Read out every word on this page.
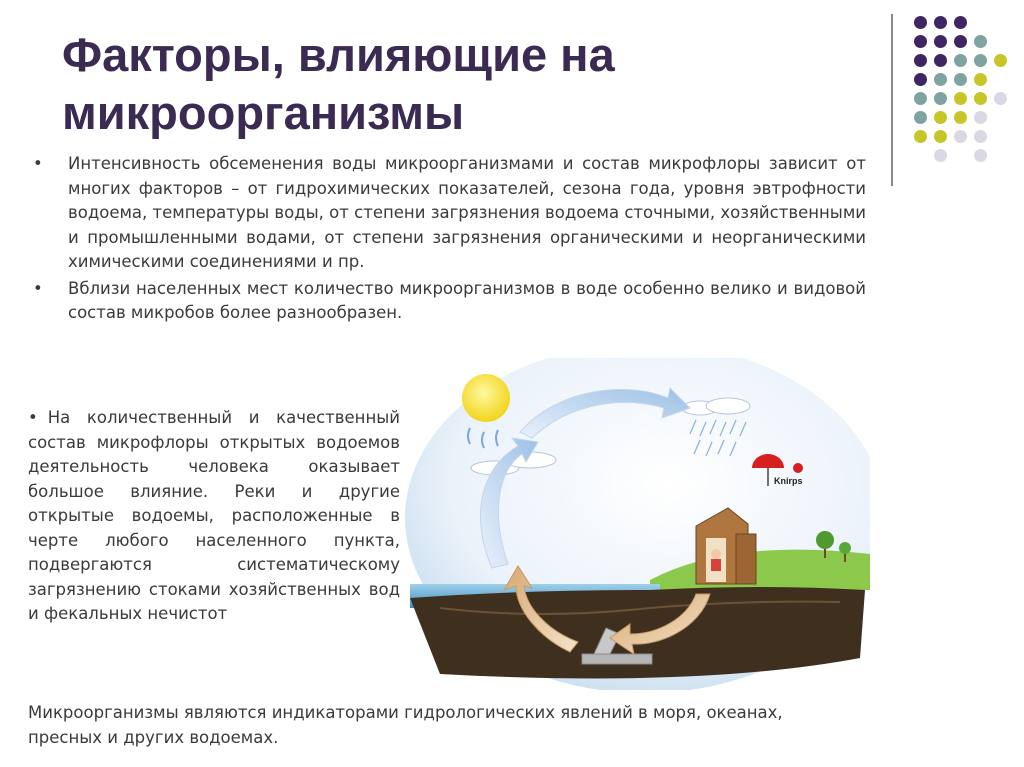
Факторы, влияющие на микроорганизмы
• Интенсивность обсеменения воды микроорганизмами и состав микрофлоры зависит от многих факторов – от гидрохимических показателей, сезона года, уровня эвтрофности водоема, температуры воды, от степени загрязнения водоема сточными, хозяйственными и промышленными водами, от степени загрязнения органическими и неорганическими химическими соединениями и пр.
• Вблизи населенных мест количество микроорганизмов в воде особенно велико и видовой состав микробов более разнообразен.

• На количественный и качественный состав микрофлоры открытых водоемов деятельность человека оказывает большое влияние. Реки и другие открытые водоемы, расположенные в черте любого населенного пункта, подвергаются систематическому загрязнению стоками хозяйственных вод и фекальных нечистот

Knirps

Микроорганизмы являются индикаторами гидрологических явлений в моря, океанах, пресных и других водоемах.
